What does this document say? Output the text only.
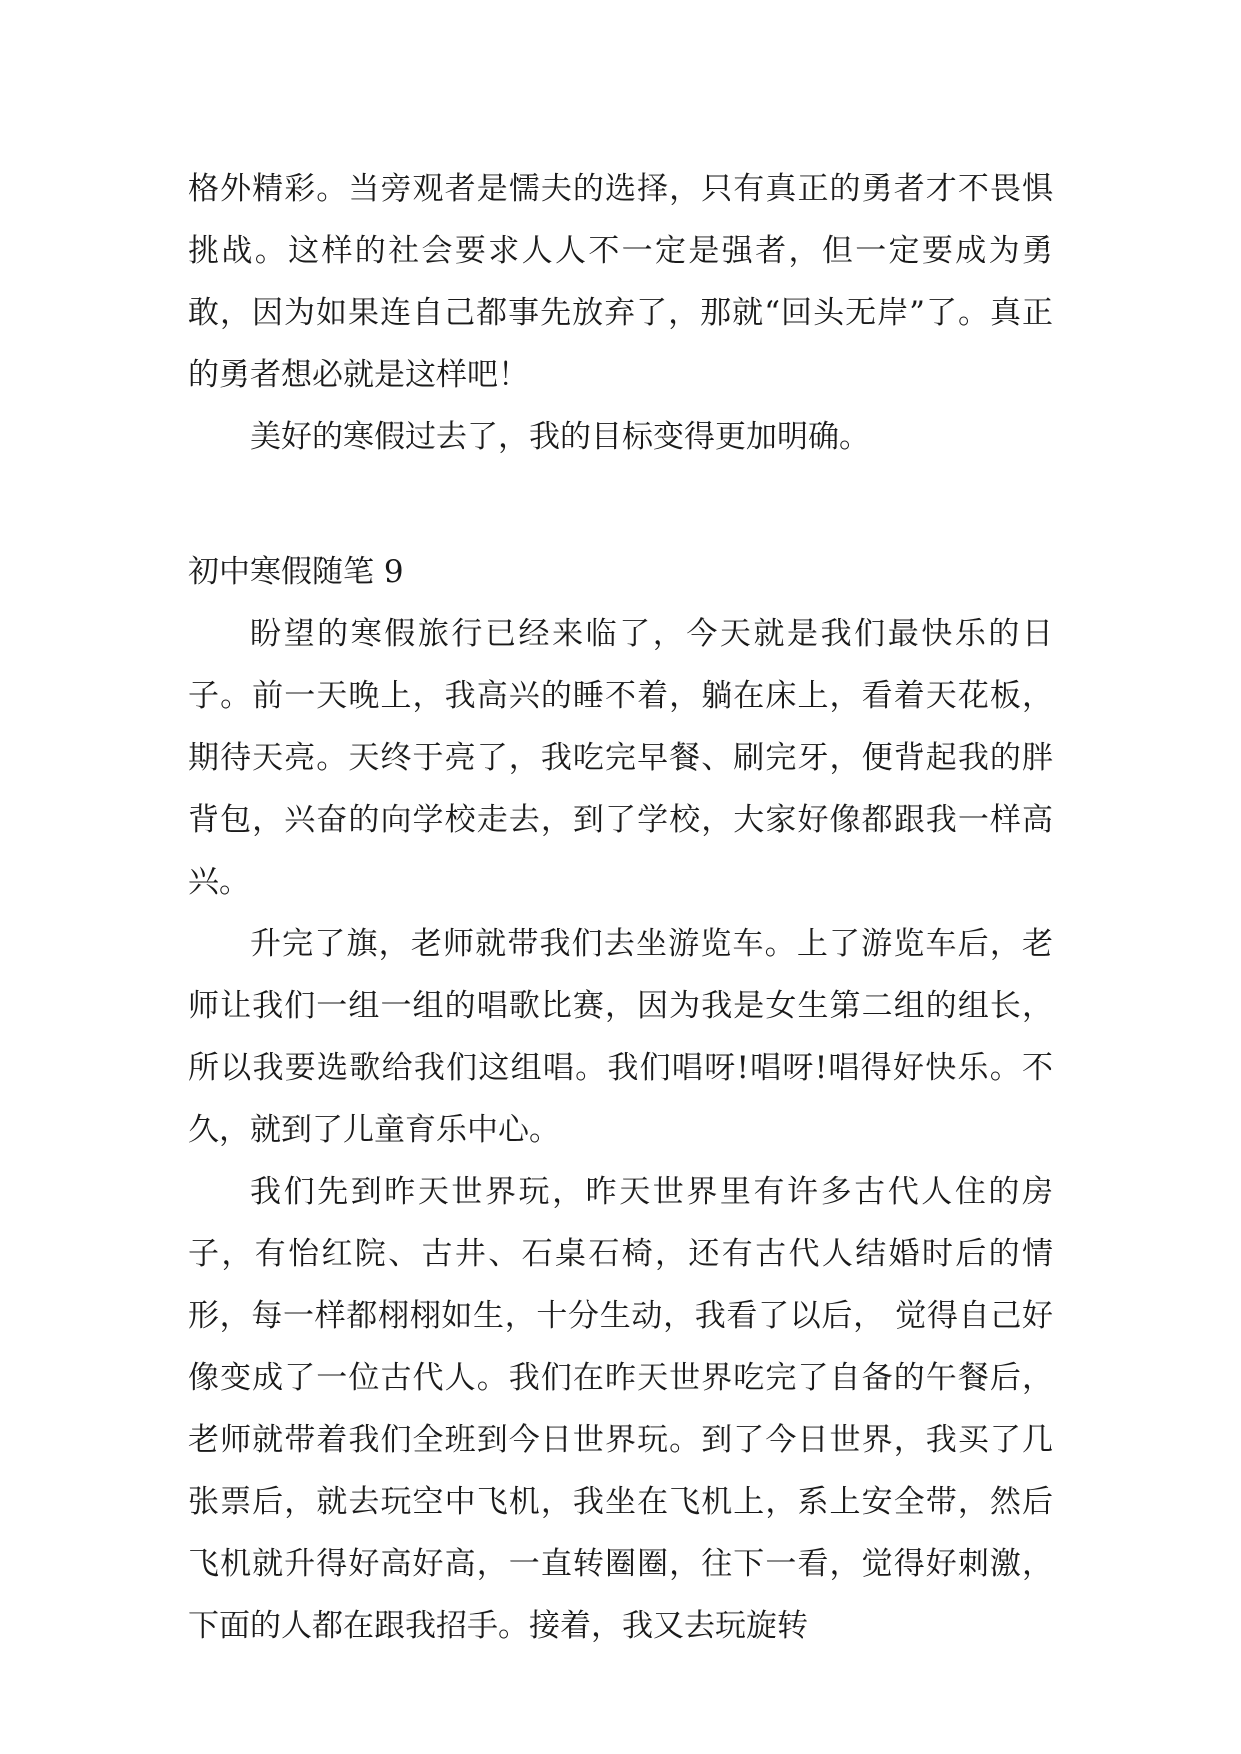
格外精彩。当旁观者是懦夫的选择，只有真正的勇者才不畏惧挑战。这样的社会要求人人不一定是强者，但一定要成为勇敢，因为如果连自己都事先放弃了，那就“回头无岸”了。真正的勇者想必就是这样吧！

美好的寒假过去了，我的目标变得更加明确。

初中寒假随笔 9

盼望的寒假旅行已经来临了，今天就是我们最快乐的日子。前一天晚上，我高兴的睡不着，躺在床上，看着天花板，期待天亮。天终于亮了，我吃完早餐、刷完牙，便背起我的胖背包，兴奋的向学校走去，到了学校，大家好像都跟我一样高兴。

升完了旗，老师就带我们去坐游览车。上了游览车后，老师让我们一组一组的唱歌比赛，因为我是女生第二组的组长，所以我要选歌给我们这组唱。我们唱呀!唱呀!唱得好快乐。不久，就到了儿童育乐中心。

我们先到昨天世界玩，昨天世界里有许多古代人住的房子，有怡红院、古井、石桌石椅，还有古代人结婚时后的情形，每一样都栩栩如生，十分生动，我看了以后， 觉得自己好像变成了一位古代人。我们在昨天世界吃完了自备的午餐后，老师就带着我们全班到今日世界玩。到了今日世界，我买了几张票后，就去玩空中飞机，我坐在飞机上，系上安全带，然后飞机就升得好高好高，一直转圈圈，往下一看，觉得好刺激，下面的人都在跟我招手。接着，我又去玩旋转
